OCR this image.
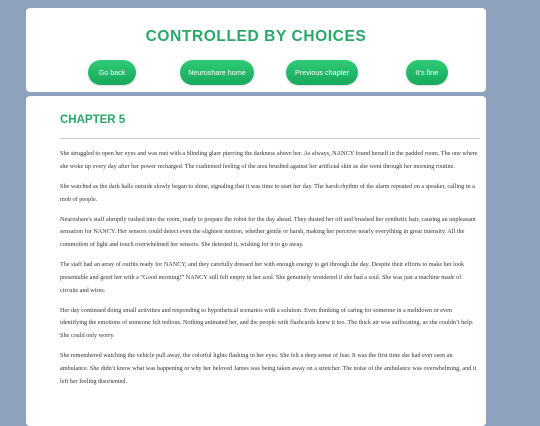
CONTROLLED BY CHOICES
Go back	Neuroshare home	Previous chapter	It's fine
CHAPTER 5

She struggled to open her eyes and was met with a blinding glare piercing the darkness above her. As always, NANCY found herself in the padded room. The one where she woke up every day after her power recharged. The cushioned feeling of the area brushed against her artificial skin as she went through her morning routine.

She watched as the dark halls outside slowly began to shine, signaling that it was time to start her day. The harsh rhythm of the alarm repeated on a speaker, calling in a mob of people.

Neuroshare's staff abruptly rushed into the room, ready to prepare the robot for the day ahead. They dusted her off and brushed her synthetic hair, causing an unpleasant sensation for NANCY. Her sensors could detect even the slightest motion, whether gentle or harsh, making her perceive nearly everything in great intensity. All the commotion of light and touch overwhelmed her sensors. She detested it, wishing for it to go away.

The staff had an array of outfits ready for NANCY, and they carefully dressed her with enough energy to get through the day. Despite their efforts to make her look presentable and greet her with a “Good morning!” NANCY still felt empty in her soul. She genuinely wondered if she had a soul. She was just a machine made of circuits and wires.

Her day continued doing small activities and responding to hypothetical scenarios with a solution. Even thinking of caring for someone in a meltdown or even identifying the emotions of someone felt tedious. Nothing animated her, and the people with flashcards knew it too. The thick air was suffocating, as she couldn’t help. She could only worry.

She remembered watching the vehicle pull away, the colorful lights flashing in her eyes. She felt a deep sense of fear. It was the first time she had ever seen an ambulance. She didn’t know what was happening or why her beloved James was being taken away on a stretcher. The noise of the ambulance was overwhelming, and it left her feeling disoriented.
